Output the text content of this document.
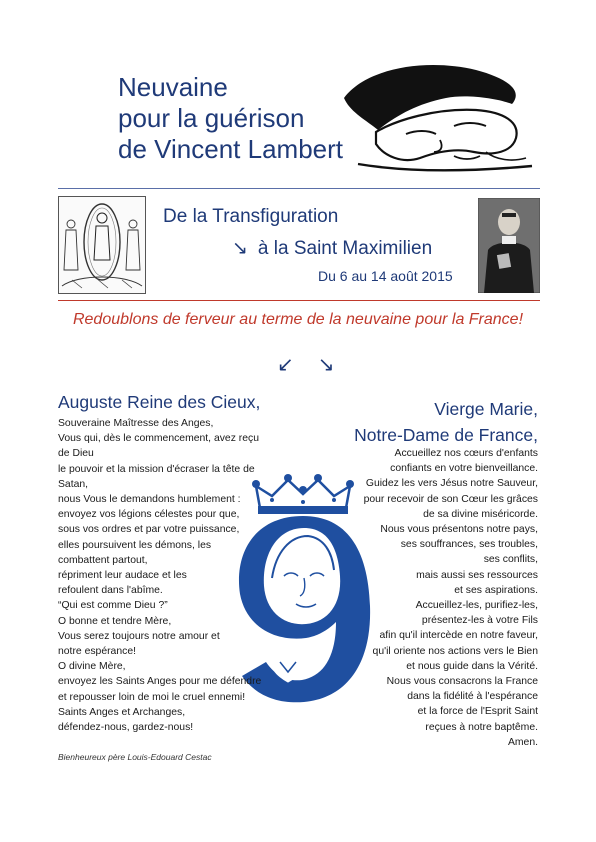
Neuvaine
pour la guérison
de Vincent Lambert
De la Transfiguration
↘ à la Saint Maximilien
Du 6 au 14 août 2015
Redoublons de ferveur au terme de la neuvaine pour la France!
↙ ↘
Auguste Reine des Cieux,
Souveraine Maîtresse des Anges,
Vous qui, dès le commencement, avez reçu de Dieu
le pouvoir et la mission d'écraser la tête de Satan,
nous Vous le demandons humblement :
envoyez vos légions célestes pour que,
sous vos ordres et par votre puissance,
elles poursuivent les démons, les
combattent partout,
répriment leur audace et les
refoulent dans l'abîme.
“Qui est comme Dieu ?”
O bonne et tendre Mère,
Vous serez toujours notre amour et
notre espérance!
O divine Mère,
envoyez les Saints Anges pour me défendre
et repousser loin de moi le cruel ennemi!
Saints Anges et Archanges,
défendez-nous, gardez-nous!
Bienheureux père Louis-Edouard Cestac
Vierge Marie,
Notre-Dame de France,
Accueillez nos cœurs d'enfants
confiants en votre bienveillance.
Guidez les vers Jésus notre Sauveur,
pour recevoir de son Cœur les grâces
de sa divine miséricorde.
Nous vous présentons notre pays,
ses souffrances, ses troubles,
ses conflits,
mais aussi ses ressources
et ses aspirations.
Accueillez-les, purifiez-les,
présentez-les à votre Fils
afin qu'il intercède en notre faveur,
qu'il oriente nos actions vers le Bien
et nous guide dans la Vérité.
Nous vous consacrons la France
dans la fidélité à l'espérance
et la force de l'Esprit Saint
reçues à notre baptême.
Amen.
